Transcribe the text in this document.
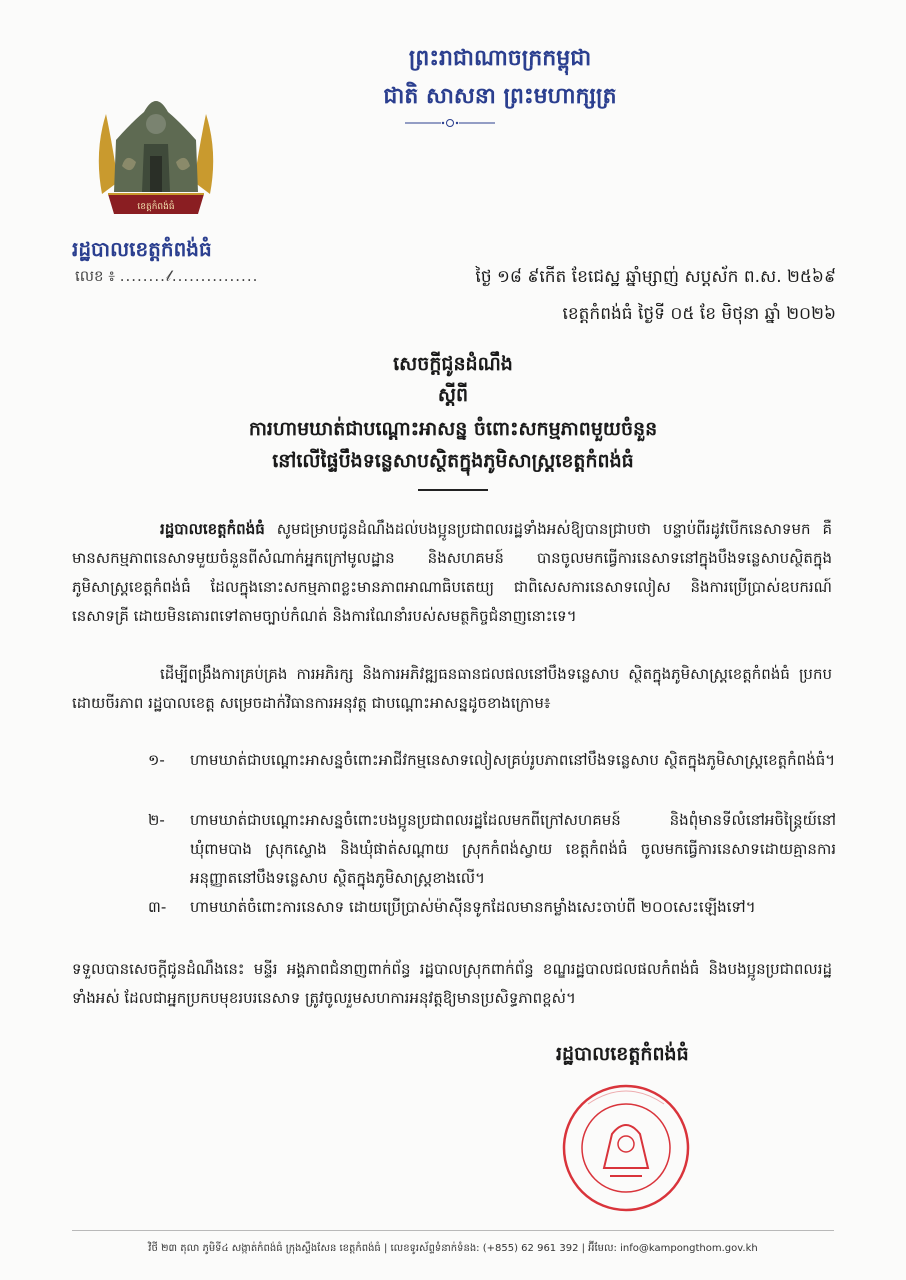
ព្រះរាជាណាចក្រកម្ពុជា
ជាតិ សាសនា ព្រះមហាក្សត្រ
ខេត្តកំពង់ធំ
រដ្ឋបាលខេត្តកំពង់ធំ
លេខ ៖ ........𝓁...............	ថ្ងៃ ១៨ ៩កើត ខែជេស្ឋ ឆ្នាំម្សាញ់ សប្តស័ក ព.ស. ២៥៦៩
ខេត្តកំពង់ធំ ថ្ងៃទី ០៥ ខែ មិថុនា ឆ្នាំ ២០២៦
សេចក្តីជូនដំណឹង
ស្តីពី
ការហាមឃាត់ជាបណ្តោះអាសន្ន ចំពោះសកម្មភាពមួយចំនួន
នៅលើផ្ទៃបឹងទន្លេសាបស្ថិតក្នុងភូមិសាស្ត្រខេត្តកំពង់ធំ
រដ្ឋបាលខេត្តកំពង់ធំ សូមជម្រាបជូនដំណឹងដល់បងប្អូនប្រជាពលរដ្ឋទាំងអស់ឱ្យបានជ្រាបថា បន្ទាប់ពីរដូវបើកនេសាទមក គឺមានសកម្មភាពនេសាទមួយចំនួនពីសំណាក់អ្នកក្រៅមូលដ្ឋាន និងសហគមន៍ បានចូលមកធ្វើការនេសាទនៅក្នុងបឹងទន្លេសាបស្ថិតក្នុងភូមិសាស្ត្រខេត្តកំពង់ធំ ដែលក្នុងនោះសកម្មភាពខ្លះមានភាពអាណាធិបតេយ្យ ជាពិសេសការនេសាទលៀស និងការប្រើប្រាស់ឧបករណ៍នេសាទគ្រី ដោយមិនគោរពទៅតាមច្បាប់កំណត់ និងការណែនាំរបស់សមត្ថកិច្ចជំនាញនោះទេ។
ដើម្បីពង្រឹងការគ្រប់គ្រង ការអភិរក្ស និងការអភិវឌ្ឍធនធានជលផលនៅបឹងទន្លេសាប ស្ថិតក្នុងភូមិសាស្ត្រខេត្តកំពង់ធំ ប្រកបដោយចីរភាព រដ្ឋបាលខេត្ត សម្រេចដាក់វិធានការអនុវត្ត ជាបណ្តោះអាសន្នដូចខាងក្រោម៖
១-	ហាមឃាត់ជាបណ្តោះអាសន្នចំពោះអាជីវកម្មនេសាទលៀសគ្រប់រូបភាពនៅបឹងទន្លេសាប ស្ថិតក្នុងភូមិសាស្ត្រខេត្តកំពង់ធំ។
២-	ហាមឃាត់ជាបណ្តោះអាសន្នចំពោះបងប្អូនប្រជាពលរដ្ឋដែលមកពីក្រៅសហគមន៍ និងពុំមានទីលំនៅអចិន្ត្រៃយ៍នៅឃុំពាមបាង ស្រុកស្ទោង និងឃុំផាត់សណ្តាយ ស្រុកកំពង់ស្វាយ ខេត្តកំពង់ធំ ចូលមកធ្វើការនេសាទដោយគ្មានការអនុញ្ញាតនៅបឹងទន្លេសាប ស្ថិតក្នុងភូមិសាស្ត្រខាងលើ។
៣-	ហាមឃាត់ចំពោះការនេសាទ ដោយប្រើប្រាស់ម៉ាស៊ីនទូកដែលមានកម្លាំងសេះចាប់ពី ២០០សេះឡើងទៅ។
ទទួលបានសេចក្តីជូនដំណឹងនេះ មន្ទីរ អង្គភាពជំនាញពាក់ព័ន្ធ រដ្ឋបាលស្រុកពាក់ព័ន្ធ ខណ្ឌរដ្ឋបាលជលផលកំពង់ធំ និងបងប្អូនប្រជាពលរដ្ឋទាំងអស់ ដែលជាអ្នកប្រកបមុខរបរនេសាទ ត្រូវចូលរួមសហការអនុវត្តឱ្យមានប្រសិទ្ធភាពខ្ពស់។
រដ្ឋបាលខេត្តកំពង់ធំ
វិថី ២៣ តុលា ភូមិទី៤ សង្កាត់កំពង់ធំ ក្រុងស្ទឹងសែន ខេត្តកំពង់ធំ | លេខទូរស័ព្ទទំនាក់ទំនង: (+855) 62 961 392 | អ៊ីមែល: info@kampongthom.gov.kh
